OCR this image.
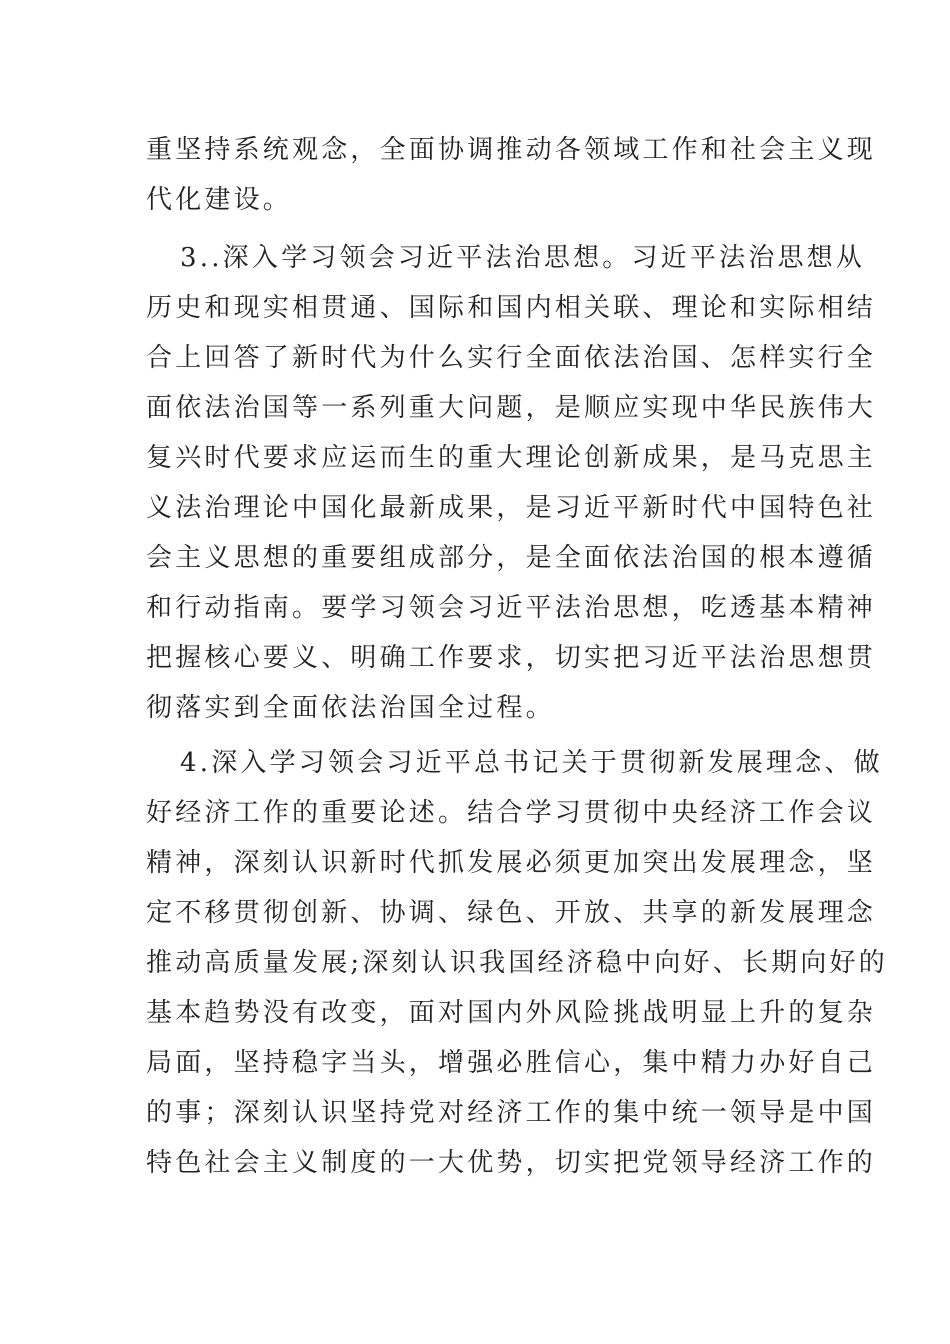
重坚持系统观念，全面协调推动各领域工作和社会主义现
代化建设。
3..深入学习领会习近平法治思想。习近平法治思想从
历史和现实相贯通、国际和国内相关联、理论和实际相结
合上回答了新时代为什么实行全面依法治国、怎样实行全
面依法治国等一系列重大问题，是顺应实现中华民族伟大
复兴时代要求应运而生的重大理论创新成果，是马克思主
义法治理论中国化最新成果，是习近平新时代中国特色社
会主义思想的重要组成部分，是全面依法治国的根本遵循
和行动指南。要学习领会习近平法治思想，吃透基本精神
把握核心要义、明确工作要求，切实把习近平法治思想贯
彻落实到全面依法治国全过程。
4.深入学习领会习近平总书记关于贯彻新发展理念、做
好经济工作的重要论述。结合学习贯彻中央经济工作会议
精神，深刻认识新时代抓发展必须更加突出发展理念，坚
定不移贯彻创新、协调、绿色、开放、共享的新发展理念
推动高质量发展;深刻认识我国经济稳中向好、长期向好的
基本趋势没有改变，面对国内外风险挑战明显上升的复杂
局面，坚持稳字当头，增强必胜信心，集中精力办好自己
的事；深刻认识坚持党对经济工作的集中统一领导是中国
特色社会主义制度的一大优势，切实把党领导经济工作的
